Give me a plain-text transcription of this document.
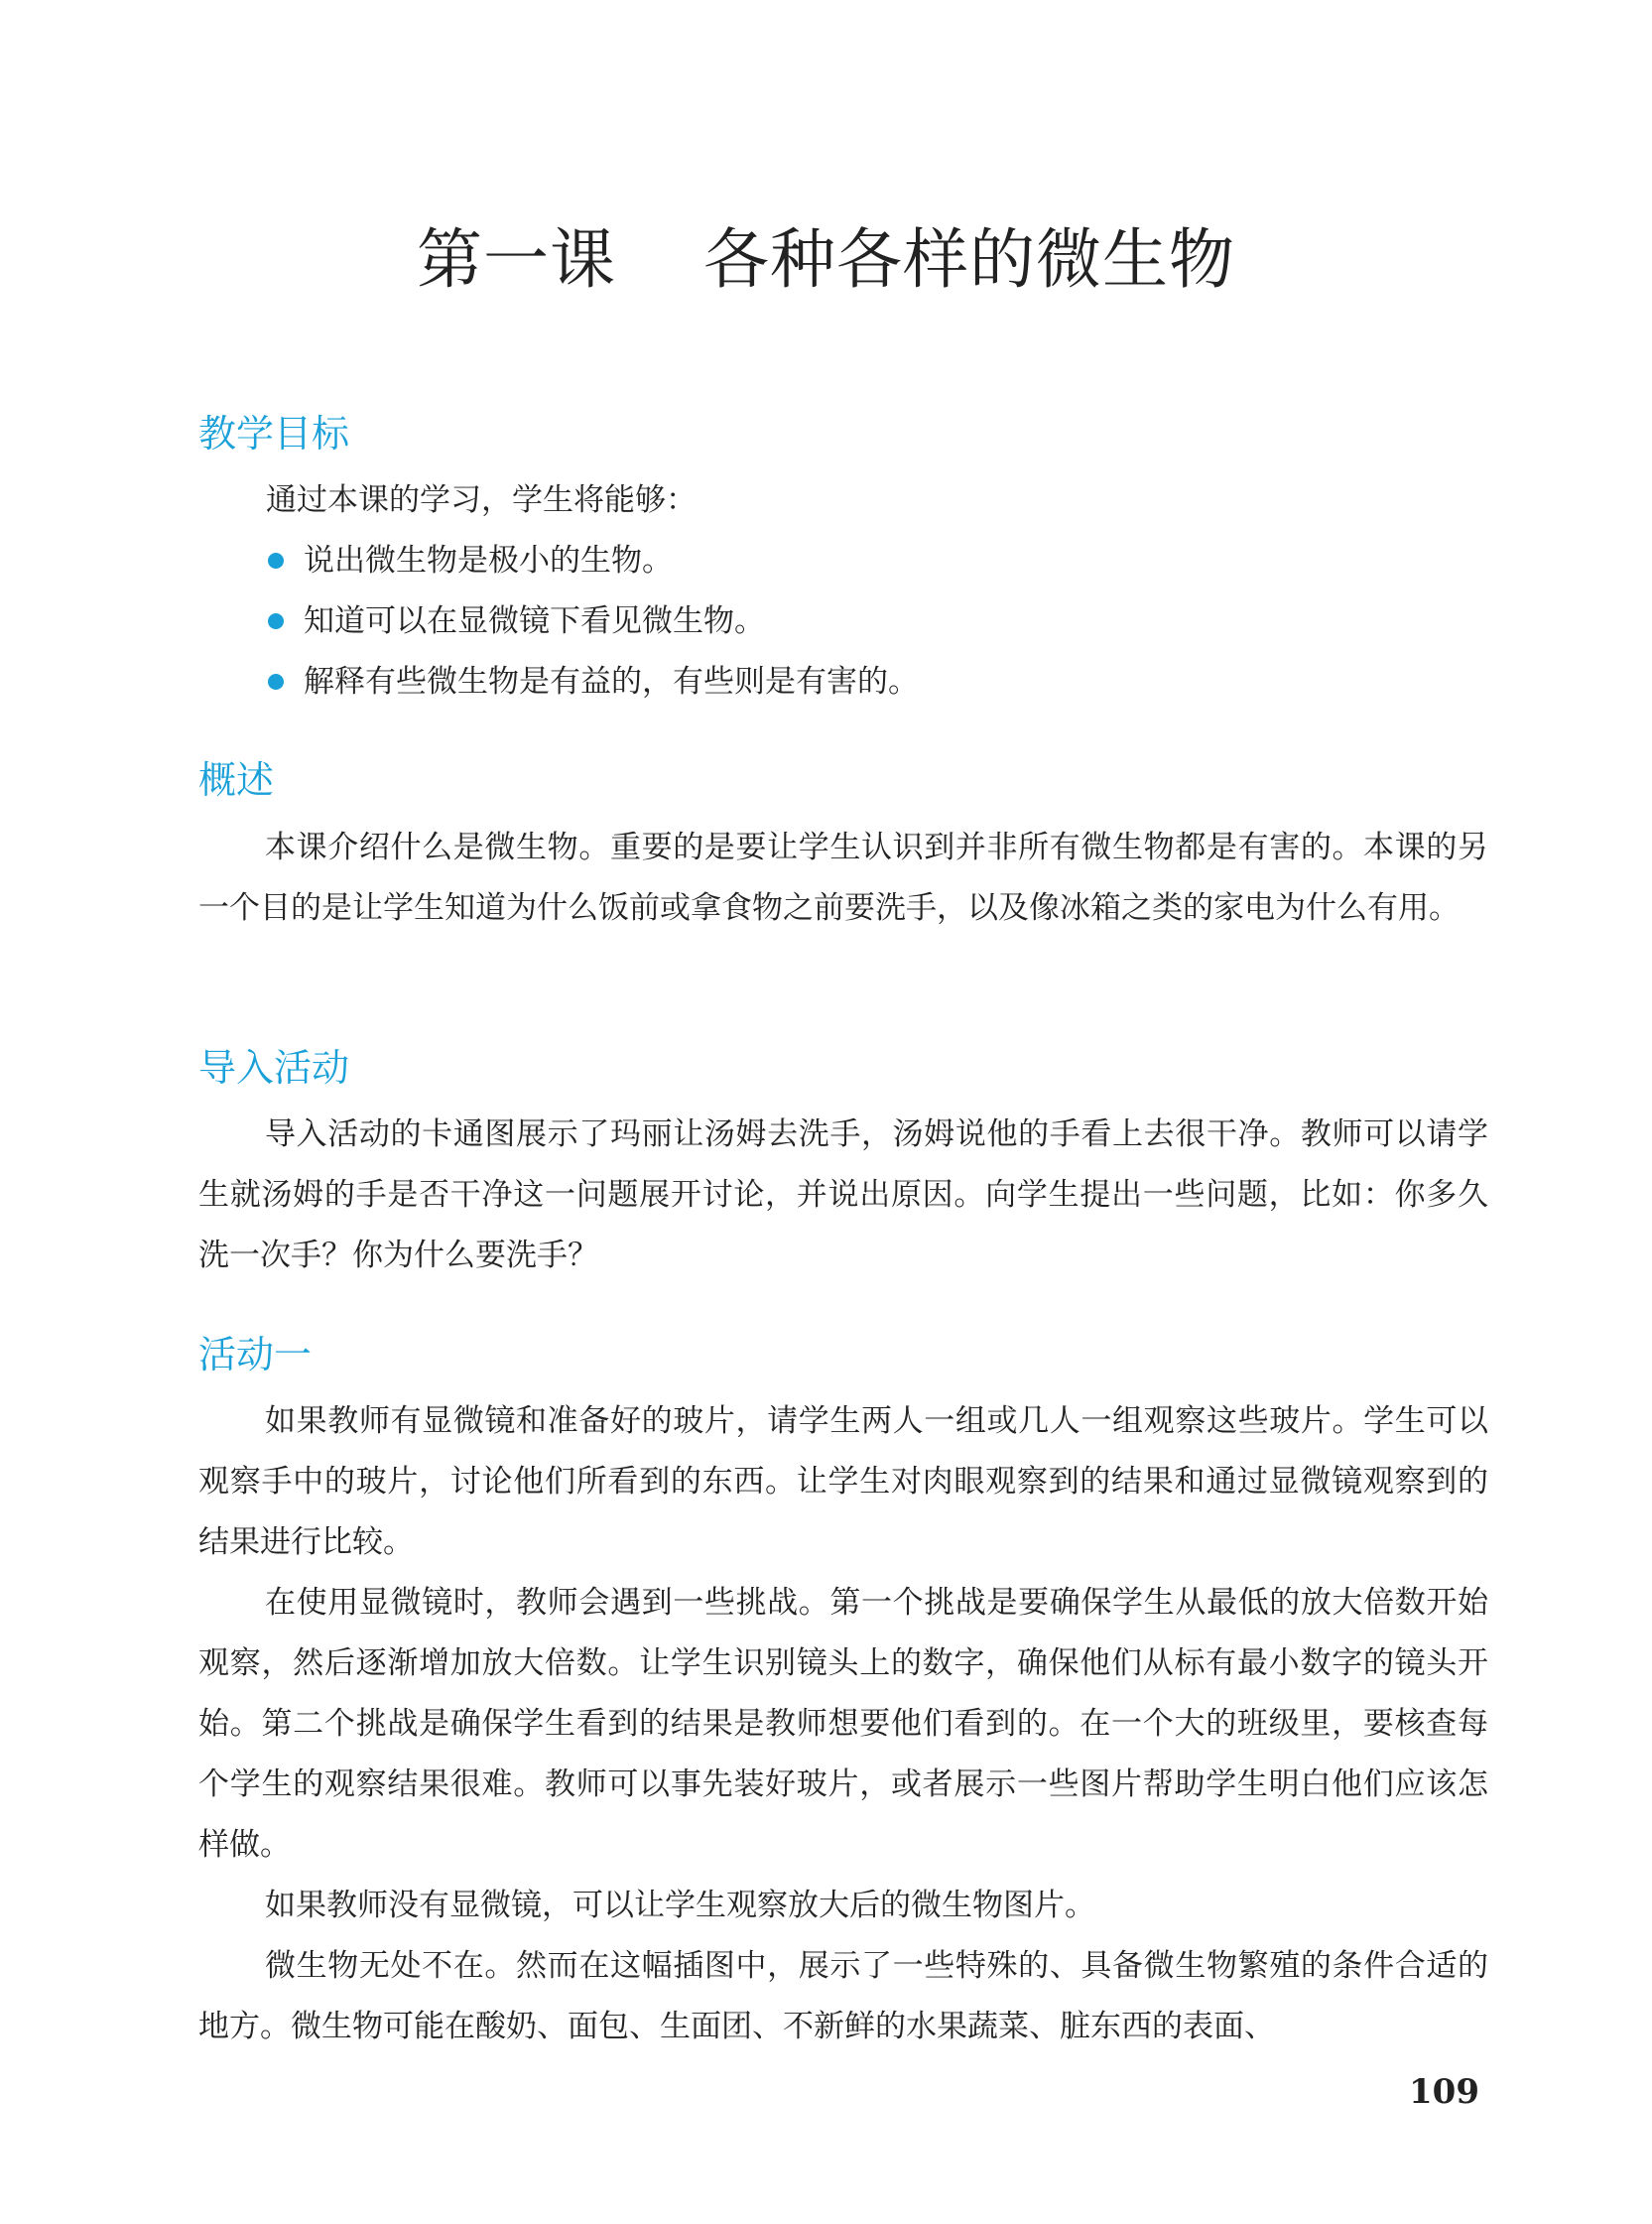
第一课    各种各样的微生物
教学目标

通过本课的学习，学生将能够：

说出微生物是极小的生物。
知道可以在显微镜下看见微生物。
解释有些微生物是有益的，有些则是有害的。
概述

本课介绍什么是微生物。重要的是要让学生认识到并非所有微生物都是有害的。本课的另一个目的是让学生知道为什么饭前或拿食物之前要洗手，以及像冰箱之类的家电为什么有用。

导入活动

导入活动的卡通图展示了玛丽让汤姆去洗手，汤姆说他的手看上去很干净。教师可以请学生就汤姆的手是否干净这一问题展开讨论，并说出原因。向学生提出一些问题，比如：你多久洗一次手？你为什么要洗手？

活动一

如果教师有显微镜和准备好的玻片，请学生两人一组或几人一组观察这些玻片。学生可以观察手中的玻片，讨论他们所看到的东西。让学生对肉眼观察到的结果和通过显微镜观察到的结果进行比较。

在使用显微镜时，教师会遇到一些挑战。第一个挑战是要确保学生从最低的放大倍数开始观察，然后逐渐增加放大倍数。让学生识别镜头上的数字，确保他们从标有最小数字的镜头开始。第二个挑战是确保学生看到的结果是教师想要他们看到的。在一个大的班级里，要核查每个学生的观察结果很难。教师可以事先装好玻片，或者展示一些图片帮助学生明白他们应该怎样做。

如果教师没有显微镜，可以让学生观察放大后的微生物图片。

微生物无处不在。然而在这幅插图中，展示了一些特殊的、具备微生物繁殖的条件合适的地方。微生物可能在酸奶、面包、生面团、不新鲜的水果蔬菜、脏东西的表面、

109
